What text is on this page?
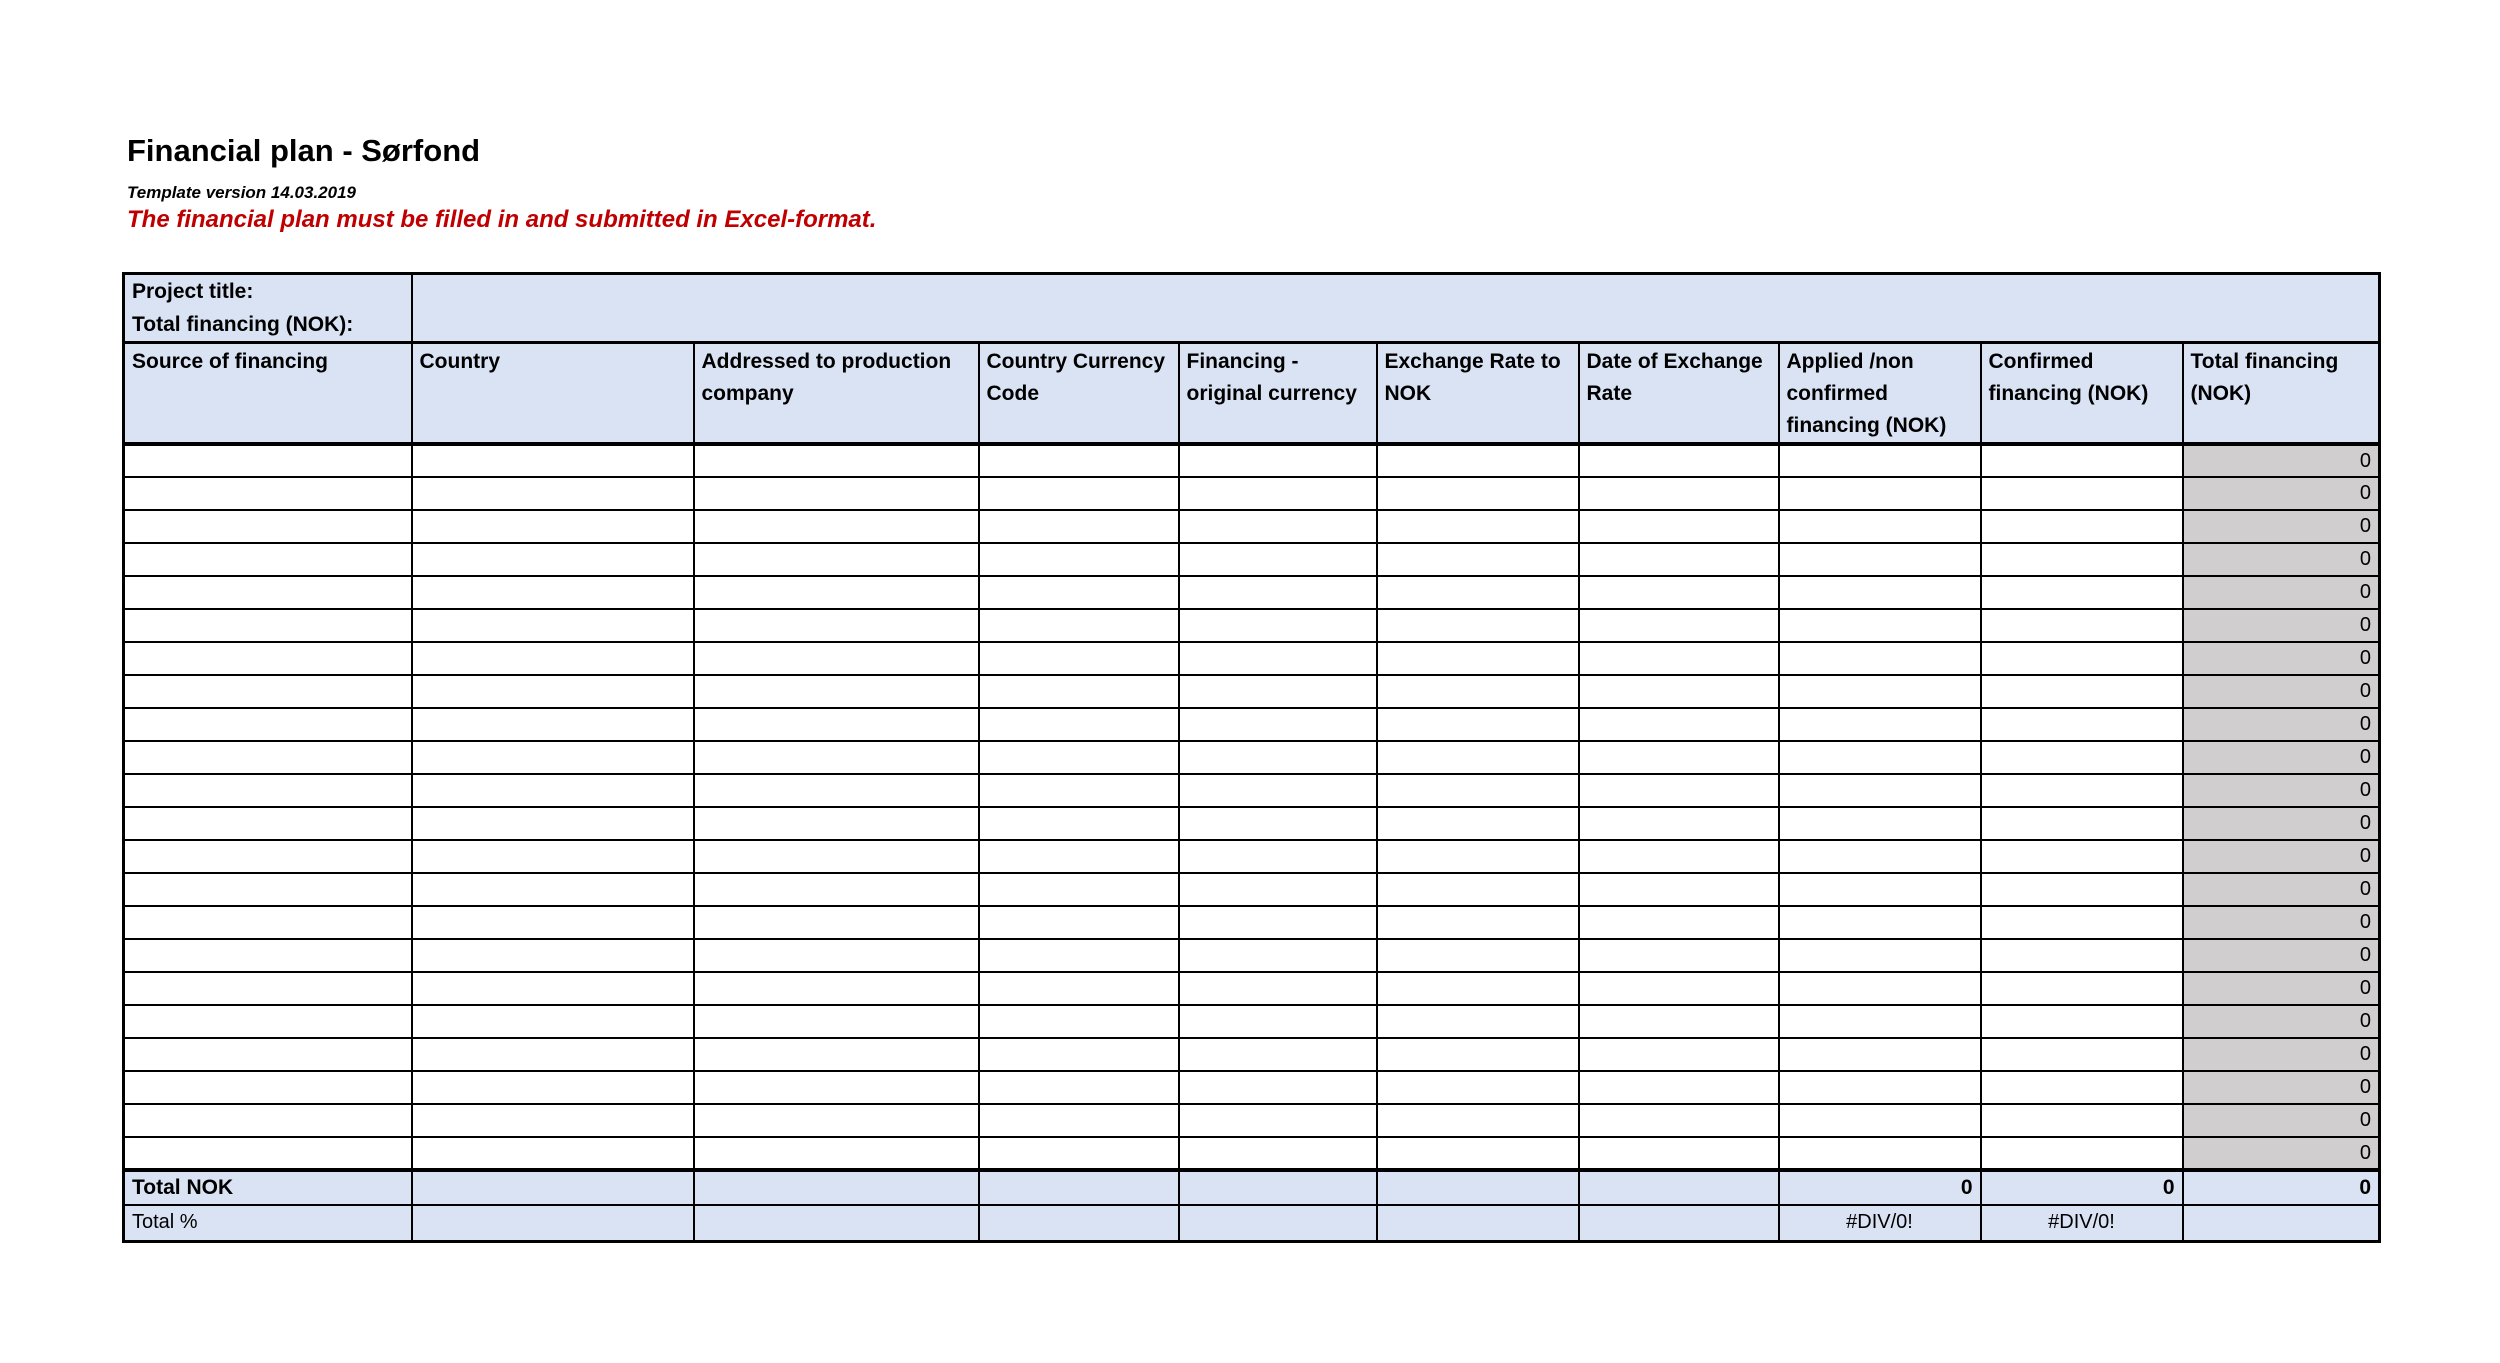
Financial plan - Sørfond
Template version 14.03.2019
The financial plan must be filled in and submitted in Excel-format.
Project title:
Total financing (NOK):									

Source of financing	Country	Addressed to production company	Country Currency Code	Financing - original currency	Exchange Rate to NOK	Date of Exchange Rate	Applied /non confirmed financing (NOK)	Confirmed financing (NOK)	Total financing (NOK)
									0
									0
									0
									0
									0
									0
									0
									0
									0
									0
									0
									0
									0
									0
									0
									0
									0
									0
									0
									0
									0
									0
Total NOK							0	0	0
Total %							#DIV/0!	#DIV/0!	
